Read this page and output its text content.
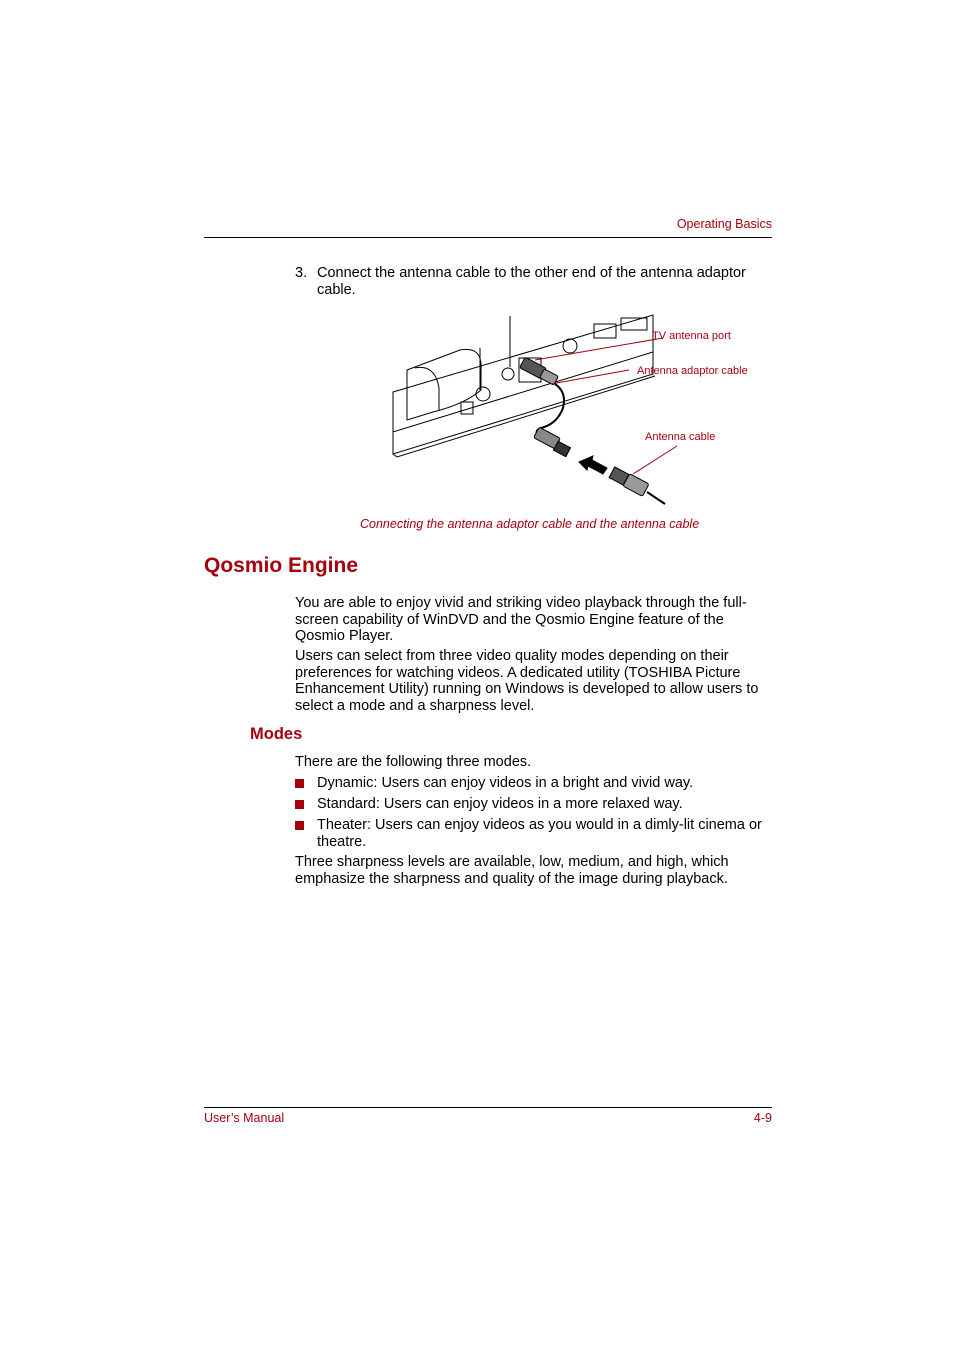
Operating Basics
3. Connect the antenna cable to the other end of the antenna adaptor cable.
TV antenna port
Antenna adaptor cable
Antenna cable
Connecting the antenna adaptor cable and the antenna cable
Qosmio Engine
You are able to enjoy vivid and striking video playback through the full-screen capability of WinDVD and the Qosmio Engine feature of the Qosmio Player.
Users can select from three video quality modes depending on their preferences for watching videos. A dedicated utility (TOSHIBA Picture Enhancement Utility) running on Windows is developed to allow users to select a mode and a sharpness level.
Modes
There are the following three modes.
Dynamic: Users can enjoy videos in a bright and vivid way.
Standard: Users can enjoy videos in a more relaxed way.
Theater: Users can enjoy videos as you would in a dimly-lit cinema or theatre.
Three sharpness levels are available, low, medium, and high, which emphasize the sharpness and quality of the image during playback.
User’s Manual	4-9
